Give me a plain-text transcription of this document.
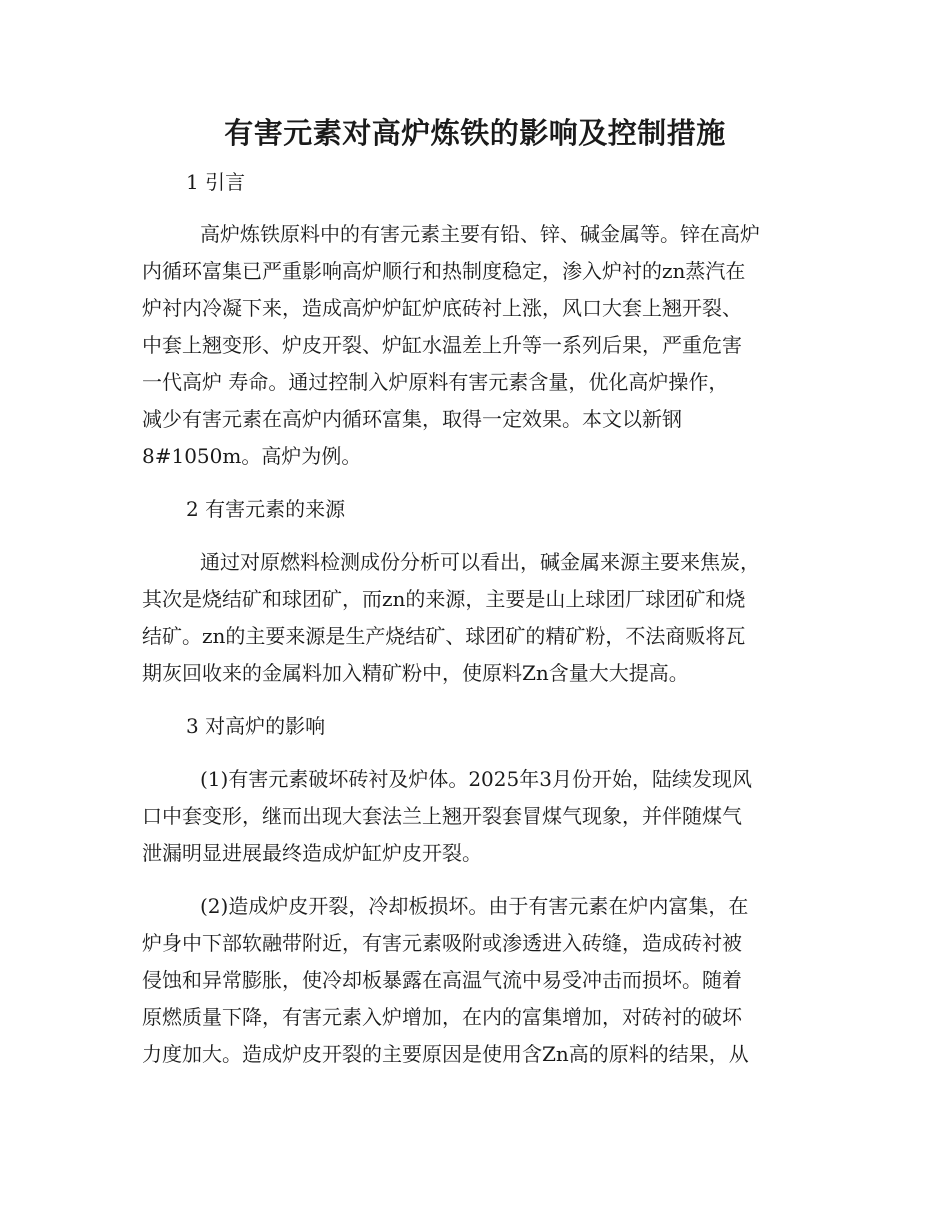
有害元素对高炉炼铁的影响及控制措施
1 引言
高炉炼铁原料中的有害元素主要有铅、锌、碱金属等。锌在高炉
内循环富集已严重影响高炉顺行和热制度稳定，渗入炉衬的zn蒸汽在
炉衬内冷凝下来，造成高炉炉缸炉底砖衬上涨，风口大套上翘开裂、
中套上翘变形、炉皮开裂、炉缸水温差上升等一系列后果，严重危害
一代高炉 寿命。通过控制入炉原料有害元素含量，优化高炉操作，
减少有害元素在高炉内循环富集，取得一定效果。本文以新钢
8#1050m。高炉为例。
2 有害元素的来源
通过对原燃料检测成份分析可以看出，碱金属来源主要来焦炭，
其次是烧结矿和球团矿，而zn的来源，主要是山上球团厂球团矿和烧
结矿。zn的主要来源是生产烧结矿、球团矿的精矿粉，不法商贩将瓦
期灰回收来的金属料加入精矿粉中，使原料Zn含量大大提高。
3 对高炉的影响
(1)有害元素破坏砖衬及炉体。2025年3月份开始，陆续发现风
口中套变形，继而出现大套法兰上翘开裂套冒煤气现象，并伴随煤气
泄漏明显进展最终造成炉缸炉皮开裂。
(2)造成炉皮开裂，冷却板损坏。由于有害元素在炉内富集，在
炉身中下部软融带附近，有害元素吸附或渗透进入砖缝，造成砖衬被
侵蚀和异常膨胀，使冷却板暴露在高温气流中易受冲击而损坏。随着
原燃质量下降，有害元素入炉增加，在内的富集增加，对砖衬的破坏
力度加大。造成炉皮开裂的主要原因是使用含Zn高的原料的结果，从
